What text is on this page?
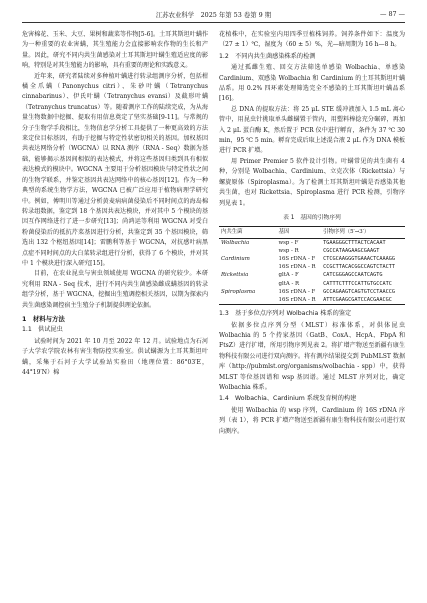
江苏农业科学　2025 年第 53 卷第 9 期	— 87 —

危害棉花、玉米、大豆、果树和蔬菜等作物[5-6]。土耳其斯坦叶螨作为一种重要的农业害螨，其生殖能力会直接影响农作物的生长和产量。因此，研究不同内共生菌感染对土耳其斯坦叶螨生殖适应度的影响，特别是对其生殖能力的影响，具有重要的理论和实践意义。

近年来，研究者陆续对多种植叶螨进行转录组测序分析，包括柑橘全爪螨（Panonychus citri）、朱砂叶螨（Tetranychus cinnabarinus）、伊氏叶螨（Tetranychus evansi）及截形叶螨（Tetranychus truncatus）等。随着测序工作的陆续完成，为从海量生物数据中挖掘、提取有用信息奠定了坚实基础[9-11]。与常规的分子生物学手段相比，生物信息学分析工具提供了一种更高效的方法来定位目标基因，有助于挖掘与特定性状密切相关的基因。加权基因共表达网络分析（WGCNA）以 RNA 测序（RNA - Seq）数据为基础，能够揭示基因间相似的表达模式，并将这些基因归类到具有相似表达模式的模块中。WGCNA 主要用于分析基因模块与特定性状之间的生物学联系，并鉴定基因共表达网络中的核心基因[12]。作为一种典型的系统生物学方法，WGCNA 已被广泛应用于植物病理学研究中。例如，傅明川等通过分析黄麦病病菌侵染后不同时间点的海岛棉转录组数据，鉴定到 18 个基因共表达模块，并对其中 5 个模块的基因互作网络进行了进一步研究[13]；尚鸿运等利用 WGCNA 对受白粉菌侵染后的抵抗芹菜基因进行分析，共鉴定到 35 个基因模块，筛选出 132 个枢纽基因[14]；雷鹏利等基于 WGCNA，对抗感叶病黑点症不同时间点的大白菜转录组进行分析，获得了 6 个模块，并对其中 1 个模块进行深入研究[15]。

目前，在农业昆虫与害虫领域使用 WGCNA 的研究较少。本研究利用 RNA - Seq 技术，进行不同内共生菌感染雌成螨基因的转录组学分析，基于 WGCNA，挖掘出生殖调控相关基因，以期为探索内共生菌感染调控宿主生殖分子机制提供理论依据。

1　材料与方法
1.1　供试昆虫

试验时间为 2021 年 10 月至 2022 年 12 月。试验地点为石河子大学农学院农林有害生物防控实验室。供试螨源为土耳其斯坦叶螨，采集于石河子大学试验站实验田（地理位置：86°03′E，44°19′N）棉

花植株中，在实验室内用四季豆植株饲养。饲养条件如下：温度为（27 ± 1）℃，湿度为（60 ± 5）%，光—暗周期为 16 h—8 h。

1.2　不同内共生菌感染株系的检测

通过孤雌生殖、回交方法筛选单感染 Wolbachia、单感染 Cardinium、双感染 Wolbachia 和 Cardinium 的土耳其斯坦叶螨品系。用 0.2% 四环素处理筛选完全不感染的土耳其斯坦叶螨品系[16]。

总 DNA 的提取方法：将 25 μL STE 缓冲液加入 1.5 mL 离心管中，用昆虫针挑取单头雌螨置于管内，用塑料棒捻充分碾碎，再加入 2 μL 蛋白酶 K，然后置于 PCR 仪中进行孵育，条件为 37 ℃ 30 min，95 ℃ 5 min。孵育完成后取上述混合液 2 μL 作为 DNA 模板进行 PCR 扩增。

用 Primer Premier 5 软件设计引物。叶螨常见的共生菌有 4 种，分别是 Wolbachia、Cardinium、立克次体（Rickettsia）与螺旋原体（Spiroplasma）。为了检测土耳其斯坦叶螨是否感染其他共生菌，也对 Rickettsia、Spiroplasma 进行 PCR 检测，引物序列见表 1。

表 1　基因的引物序列
内共生菌	基因	引物序列（5′→3′）
Wolbachia	wsp - F	TGAAGGGCTTTACTCACAAT
	wsp - R	CGCCATAAGAAGCGAAGT
Cardinium	16S rDNA - F	CTCGCAAGGGTGAAACTCAAAGG
	16S rDNA - R	CCGCTTACACGGCCAGTCTACTT
Rickettsia	gltA - F	CATCGGGAGCCAATCAGTG
	gltA - R	CATTTCTTTCCATTGTGCCATC
Spiroplasma	16S rDNA - F	GCCAGAAGTCAGTGTCCTAACCG
	16S rDNA - R	ATTCGAAGCGATCCACGAACGC
1.3　基于多位点序列对 Wolbachia 株系的鉴定

依据多位点序列分型（MLST）标准体系，对供体昆虫 Wolbachia 的 5 个持家基因（GatB、CoxA、HcpA、FbpA 和 FtsZ）进行扩增，所用引物序列见表 2。将扩增产物送至新疆有康生物科技有限公司进行双向测序。将有测序结果提交到 PubMLST 数据库（http://pubmlst.org/organisms/wolbachia - spp）中，获得 MLST 等位基因谱和 wsp 基因谱。通过 MLST 序列对比，确定 Wolbachia 株系。

1.4　Wolbachia、Cardinium 系统发育树的构建

使用 Wolbachia 的 wsp 序列，Cardinium 的 16S rDNA 序列（表 1），将 PCR 扩增产物送至新疆有康生物科技有限公司进行双向测序。
